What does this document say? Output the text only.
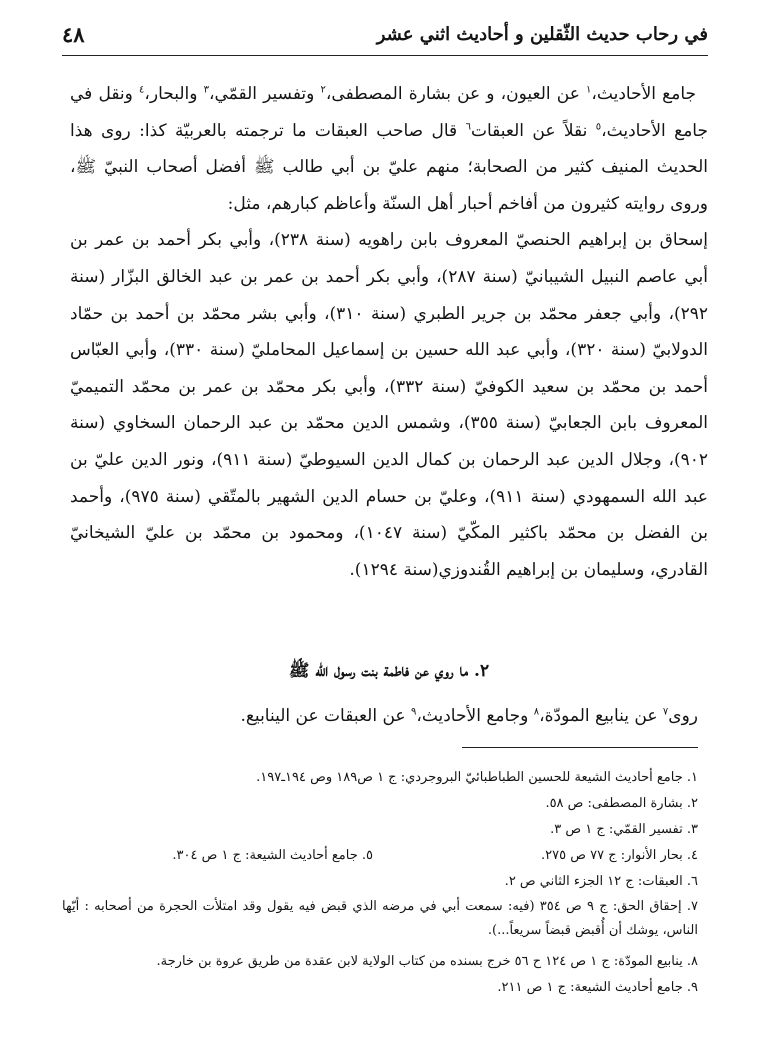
في رحاب حديث الثّقلين و أحاديث اثني عشر
٤٨

جامع الأحاديث،$^١$ عن العيون، و عن بشارة المصطفى،$^٢$ وتفسير القمّي،$^٣$ والبحار،$^٤$ ونقل في جامع الأحاديث،$^٥$ نقلاً عن العبقات$^٦$ قال صاحب العبقات ما ترجمته بالعربيّة كذا: روى هذا الحديث المنيف كثير من الصحابة؛ منهم عليّ بن أبي طالب ﷺ أفضل أصحاب النبيّ ﷺ، وروى روايته كثيرون من أفاخم أحبار أهل السنّة وأعاظم كبارهم، مثل:

إسحاق بن إبراهيم الحنصيّ المعروف بابن راهويه (سنة ٢٣٨)، وأبي بكر أحمد بن عمر بن أبي عاصم النبيل الشيبانيّ (سنة ٢٨٧)، وأبي بكر أحمد بن عمر بن عبد الخالق البزّار (سنة ٢٩٢)، وأبي جعفر محمّد بن جرير الطبري (سنة ٣١٠)، وأبي بشر محمّد بن أحمد بن حمّاد الدولابيّ (سنة ٣٢٠)، وأبي عبد الله حسين بن إسماعيل المحامليّ (سنة ٣٣٠)، وأبي العبّاس أحمد بن محمّد بن سعيد الكوفيّ (سنة ٣٣٢)، وأبي بكر محمّد بن عمر بن محمّد التميميّ المعروف بابن الجعابيّ (سنة ٣٥٥)، وشمس الدين محمّد بن عبد الرحمان السخاوي (سنة ٩٠٢)، وجلال الدين عبد الرحمان بن كمال الدين السيوطيّ (سنة ٩١١)، ونور الدين عليّ بن عبد الله السمهودي (سنة ٩١١)، وعليّ بن حسام الدين الشهير بالمتّقي (سنة ٩٧٥)، وأحمد بن الفضل بن محمّد باكثير المكّيّ (سنة ١٠٤٧)، ومحمود بن محمّد بن عليّ الشيخانيّ القادري، وسليمان بن إبراهيم القُندوزي(سنة ١٢٩٤).

٢. ما روي عن فاطمة بنت رسول الله ﷺ
روى$^٧$ عن ينابيع المودّة،$^٨$ وجامع الأحاديث،$^٩$ عن العبقات عن الينابيع.
١. جامع أحاديث الشيعة للحسين الطباطبائيّ البروجردي: ج ١ ص١٨٩ وص ١٩٤ـ١٩٧.
٢. بشارة المصطفى: ص ٥٨.
٣. تفسير القمّي: ج ١ ص ٣.
٤. بحار الأنوار: ج ٧٧ ص ٢٧٥.
٥. جامع أحاديث الشيعة: ج ١ ص ٣٠٤.
٦. العبقات: ج ١٢ الجزء الثاني ص ٢.
٧. إحقاق الحق: ج ٩ ص ٣٥٤ (فيه: سمعت أبي في مرضه الذي قبض فيه يقول وقد امتلأت الحجرة من أصحابه : أيّها الناس، يوشك أن أُقبض قبضاً سريعاً...).
٨. ينابيع المودّة: ج ١ ص ١٢٤ ح ٥٦ خرج بسنده من كتاب الولاية لابن عقدة من طريق عروة بن خارجة.
٩. جامع أحاديث الشيعة: ج ١ ص ٢١١.
